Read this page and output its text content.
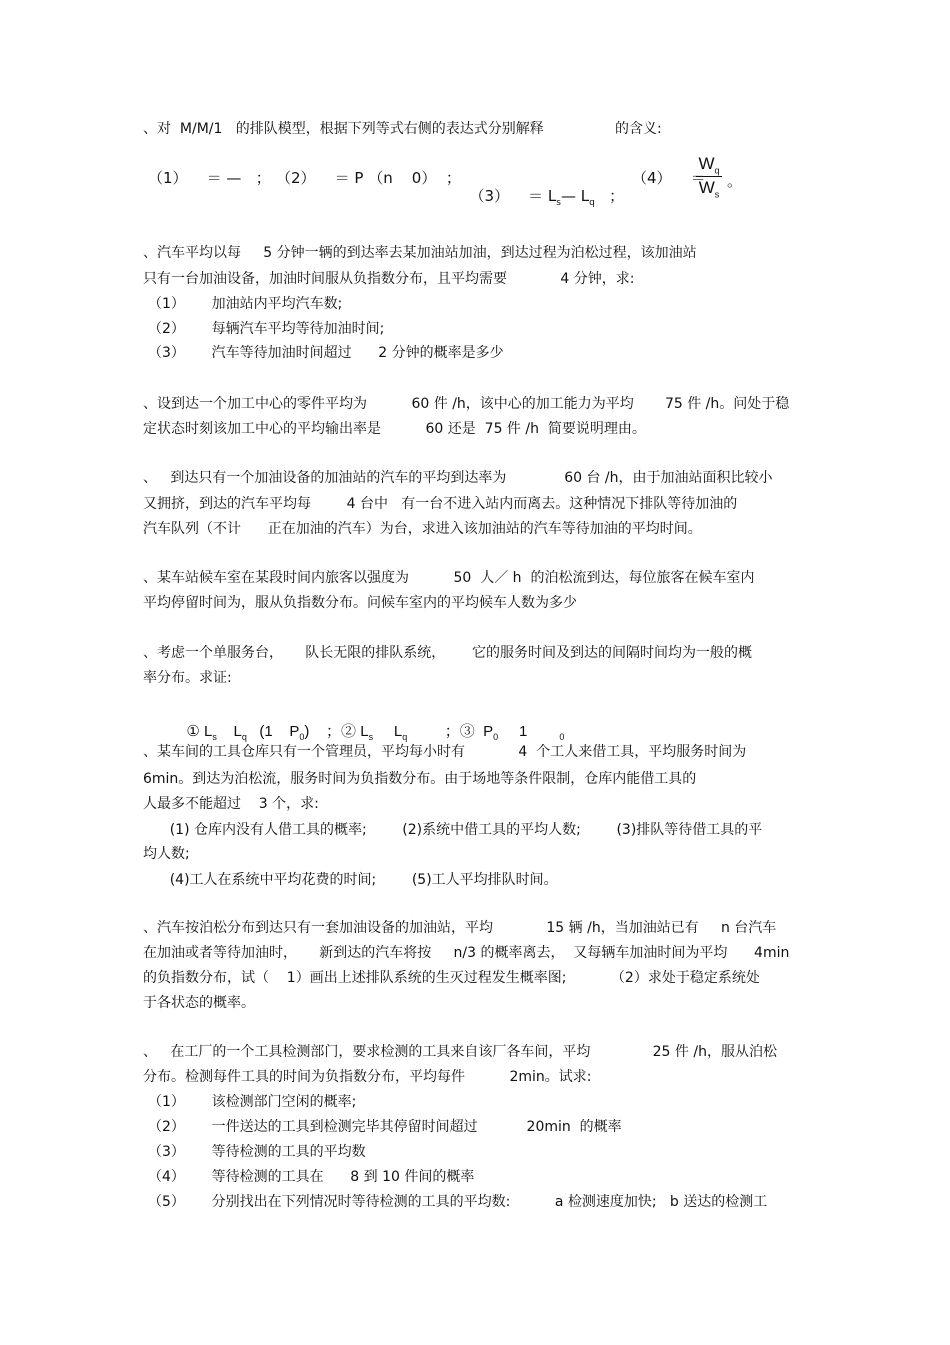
、对  M/M/1   的排队模型，根据下列等式右侧的表达式分别解释                的含义:
（1）    ＝ —   ； （2）    ＝ P （n    0）  ；

（3）    ＝ $L_s—$ $L_q$   ；

（4）    ＝
$W_q$
$W_s$
。
、汽车平均以每     5 分钟一辆的到达率去某加油站加油，到达过程为泊松过程，该加油站
只有一台加油设备，加油时间服从负指数分布，且平均需要            4 分钟，求:
（1）      加油站内平均汽车数;
（2）      每辆汽车平均等待加油时间;
（3）      汽车等待加油时间超过      2 分钟的概率是多少
、设到达一个加工中心的零件平均为          60 件 /h，该中心的加工能力为平均       75 件 /h。问处于稳
定状态时刻该加工中心的平均输出率是          60 还是  75 件 /h  简要说明理由。
、   到达只有一个加油设备的加油站的汽车的平均到达率为             60 台 /h，由于加油站面积比较小
又拥挤，到达的汽车平均每        4 台中   有一台不进入站内而离去。这种情况下排队等待加油的
汽车队列（不计      正在加油的汽车）为台，求进入该加油站的汽车等待加油的平均时间。
、某车站候车室在某段时间内旅客以强度为          50  人／ h  的泊松流到达，每位旅客在候车室内
平均停留时间为，服从负指数分布。问候车室内的平均候车人数为多少
、考虑一个单服务台，     队长无限的排队系统，      它的服务时间及到达的间隔时间均为一般的概
率分布。求证:

① $L_s$    $L_q$   (1    $P_0$)    ；② $L_s$     $L_q$         ；③  $P_0$     1	$_0$

、某车间的工具仓库只有一个管理员，平均每小时有            4  个工人来借工具，平均服务时间为
6min。到达为泊松流，服务时间为负指数分布。由于场地等条件限制，仓库内能借工具的
人最多不能超过    3 个，求:
(1) 仓库内没有人借工具的概率;        (2)系统中借工具的平均人数;        (3)排队等待借工具的平
均人数;
(4)工人在系统中平均花费的时间;        (5)工人平均排队时间。
、汽车按泊松分布到达只有一套加油设备的加油站，平均            15 辆 /h，当加油站已有     n 台汽车
在加油或者等待加油时，     新到达的汽车将按     n/3 的概率离去，  又每辆车加油时间为平均      4min
的负指数分布，试（    1）画出上述排队系统的生灭过程发生概率图;          （2）求处于稳定系统处
于各状态的概率。
、   在工厂的一个工具检测部门，要求检测的工具来自该厂各车间，平均              25 件 /h，服从泊松
分布。检测每件工具的时间为负指数分布，平均每件          2min。试求:
（1）      该检测部门空闲的概率;
（2）      一件送达的工具到检测完毕其停留时间超过           20min  的概率
（3）      等待检测的工具的平均数
（4）      等待检测的工具在      8 到 10 件间的概率
（5）      分别找出在下列情况时等待检测的工具的平均数:          a 检测速度加快;   b 送达的检测工
